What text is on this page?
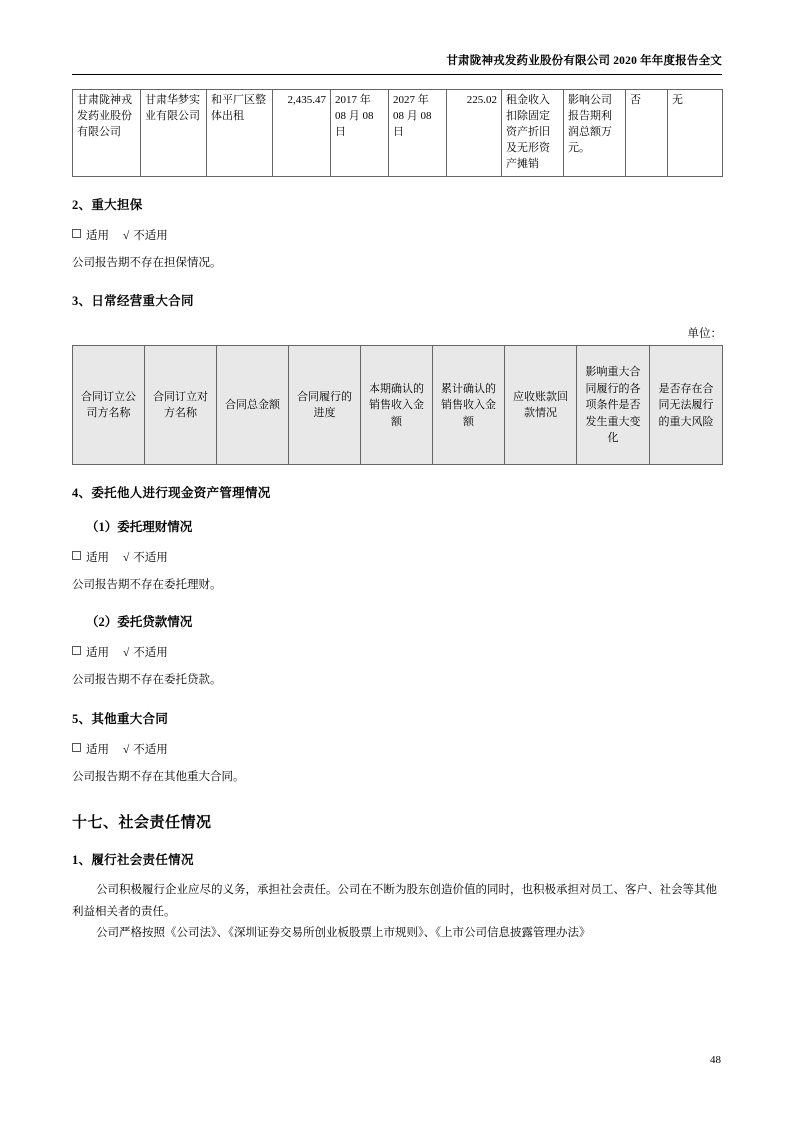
甘肃陇神戎发药业股份有限公司 2020 年年度报告全文
甘肃陇神戎发药业股份有限公司	甘肃华梦实业有限公司	和平厂区整体出租	2,435.47	2017 年 08 月 08 日	2027 年 08 月 08 日	225.02	租金收入扣除固定资产折旧及无形资产摊销	影响公司报告期利润总额万元。	否	无
2、重大担保
适用 √ 不适用
公司报告期不存在担保情况。
3、日常经营重大合同
单位：
合同订立公司方名称	合同订立对方名称	合同总金额	合同履行的进度	本期确认的销售收入金额	累计确认的销售收入金额	应收账款回款情况	影响重大合同履行的各项条件是否发生重大变化	是否存在合同无法履行的重大风险
4、委托他人进行现金资产管理情况
（1）委托理财情况
适用 √ 不适用
公司报告期不存在委托理财。
（2）委托贷款情况
适用 √ 不适用
公司报告期不存在委托贷款。
5、其他重大合同
适用 √ 不适用
公司报告期不存在其他重大合同。
十七、社会责任情况
1、履行社会责任情况

公司积极履行企业应尽的义务，承担社会责任。公司在不断为股东创造价值的同时，也积极承担对员工、客户、社会等其他利益相关者的责任。

公司严格按照《公司法》、《深圳证券交易所创业板股票上市规则》、《上市公司信息披露管理办法》

48
